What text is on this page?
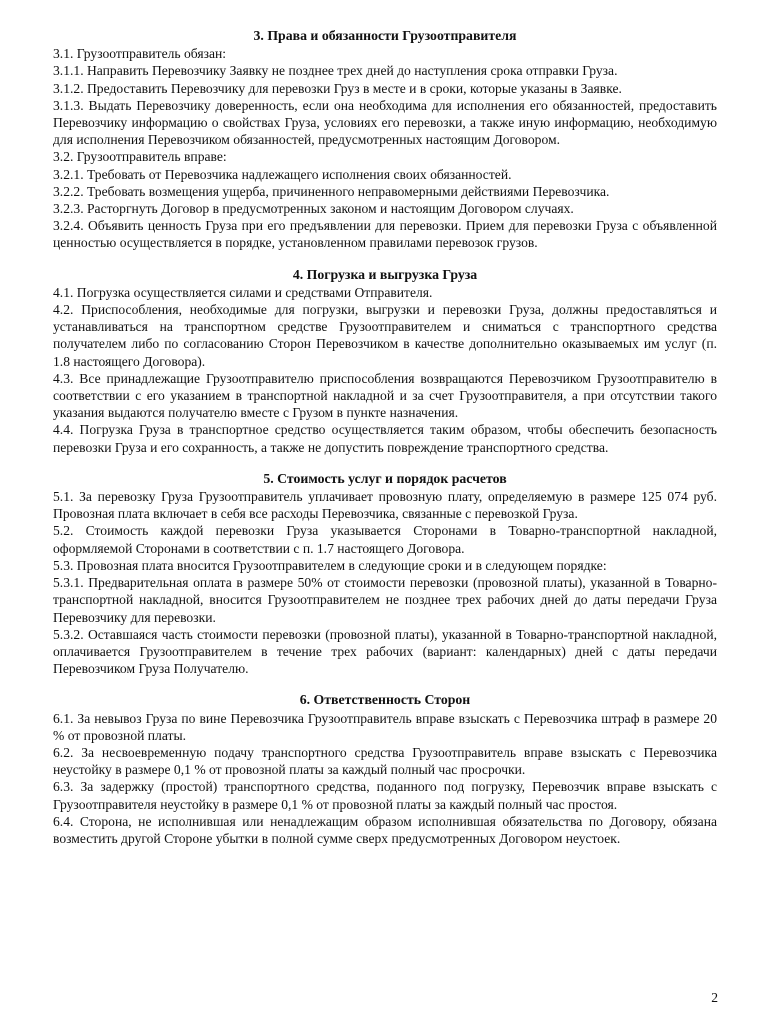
3. Права и обязанности Грузоотправителя

3.1. Грузоотправитель обязан:

3.1.1. Направить Перевозчику Заявку не позднее трех дней до наступления срока отправки Груза.

3.1.2. Предоставить Перевозчику для перевозки Груз в месте и в сроки, которые указаны в Заявке.

3.1.3. Выдать Перевозчику доверенность, если она необходима для исполнения его обязанностей, предоставить Перевозчику информацию о свойствах Груза, условиях его перевозки, а также иную информацию, необходимую для исполнения Перевозчиком обязанностей, предусмотренных настоящим Договором.

3.2. Грузоотправитель вправе:

3.2.1. Требовать от Перевозчика надлежащего исполнения своих обязанностей.

3.2.2. Требовать возмещения ущерба, причиненного неправомерными действиями Перевозчика.

3.2.3. Расторгнуть Договор в предусмотренных законом и настоящим Договором случаях.

3.2.4. Объявить ценность Груза при его предъявлении для перевозки. Прием для перевозки Груза с объявленной ценностью осуществляется в порядке, установленном правилами перевозок грузов.

4. Погрузка и выгрузка Груза

4.1. Погрузка осуществляется силами и средствами Отправителя.

4.2. Приспособления, необходимые для погрузки, выгрузки и перевозки Груза, должны предоставляться и устанавливаться на транспортном средстве Грузоотправителем и сниматься с транспортного средства получателем либо по согласованию Сторон Перевозчиком в качестве дополнительно оказываемых им услуг (п. 1.8 настоящего Договора).

4.3. Все принадлежащие Грузоотправителю приспособления возвращаются Перевозчиком Грузоотправителю в соответствии с его указанием в транспортной накладной и за счет Грузоотправителя, а при отсутствии такого указания выдаются получателю вместе с Грузом в пункте назначения.

4.4. Погрузка Груза в транспортное средство осуществляется таким образом, чтобы обеспечить безопасность перевозки Груза и его сохранность, а также не допустить повреждение транспортного средства.

5. Стоимость услуг и порядок расчетов

5.1. За перевозку Груза Грузоотправитель уплачивает провозную плату, определяемую в размере 125 074 руб. Провозная плата включает в себя все расходы Перевозчика, связанные с перевозкой Груза.

5.2. Стоимость каждой перевозки Груза указывается Сторонами в Товарно-транспортной накладной, оформляемой Сторонами в соответствии с п. 1.7 настоящего Договора.

5.3. Провозная плата вносится Грузоотправителем в следующие сроки и в следующем порядке:

5.3.1. Предварительная оплата в размере 50% от стоимости перевозки (провозной платы), указанной в Товарно-транспортной накладной, вносится Грузоотправителем не позднее трех рабочих дней до даты передачи Груза Перевозчику для перевозки.

5.3.2. Оставшаяся часть стоимости перевозки (провозной платы), указанной в Товарно-транспортной накладной, оплачивается Грузоотправителем в течение трех рабочих (вариант: календарных) дней с даты передачи Перевозчиком Груза Получателю.

6. Ответственность Сторон

6.1. За невывоз Груза по вине Перевозчика Грузоотправитель вправе взыскать с Перевозчика штраф в размере 20 % от провозной платы.

6.2. За несвоевременную подачу транспортного средства Грузоотправитель вправе взыскать с Перевозчика неустойку в размере 0,1 % от провозной платы за каждый полный час просрочки.

6.3. За задержку (простой) транспортного средства, поданного под погрузку, Перевозчик вправе взыскать с Грузоотправителя неустойку в размере 0,1 % от провозной платы за каждый полный час простоя.

6.4. Сторона, не исполнившая или ненадлежащим образом исполнившая обязательства по Договору, обязана возместить другой Стороне убытки в полной сумме сверх предусмотренных Договором неустоек.

2
